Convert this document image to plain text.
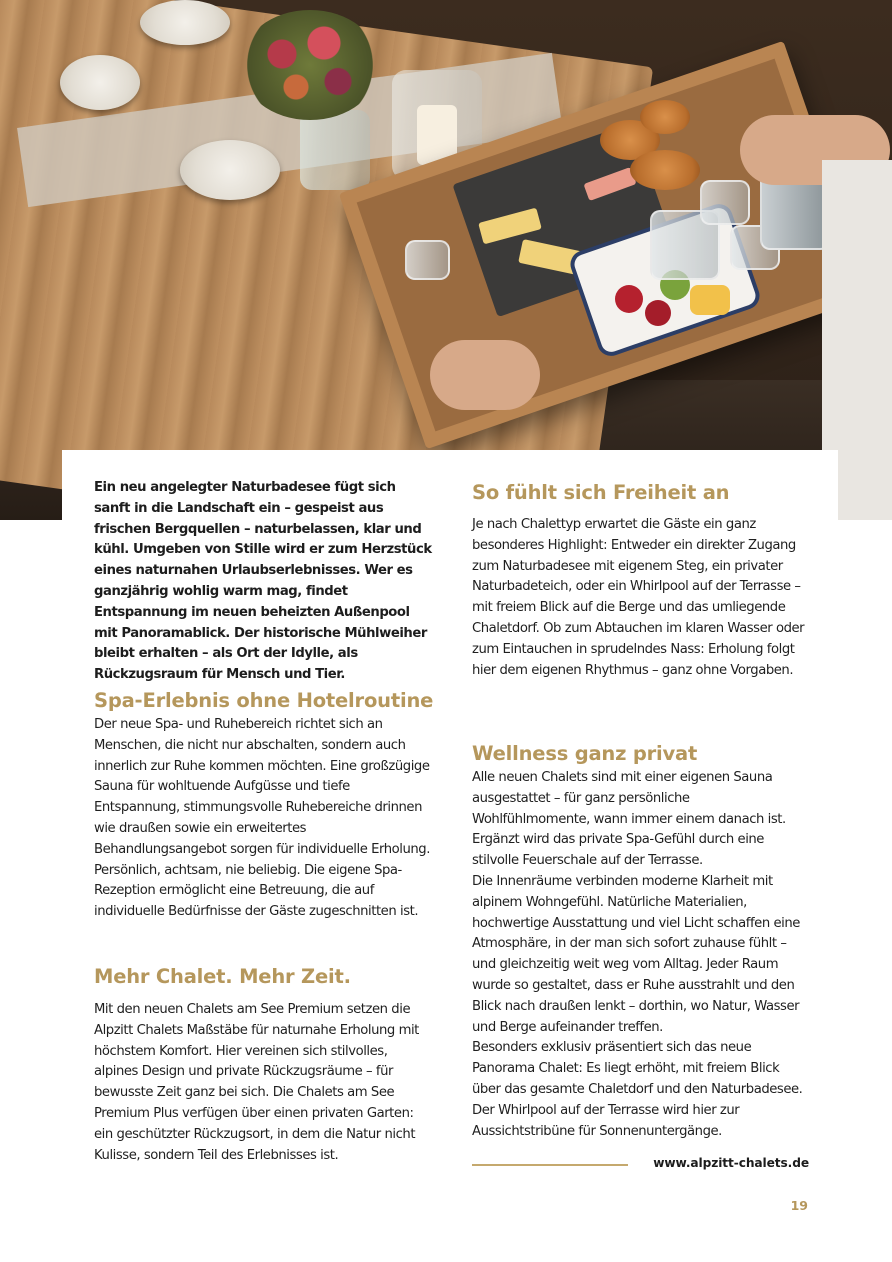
Ein neu angelegter Naturbadesee fügt sich sanft in die Landschaft ein – gespeist aus frischen Bergquellen – naturbelassen, klar und kühl. Umgeben von Stille wird er zum Herzstück eines naturnahen Urlaubserlebnisses. Wer es ganzjährig wohlig warm mag, findet Entspannung im neuen beheizten Außenpool mit Panoramablick. Der historische Mühlweiher bleibt erhalten – als Ort der Idylle, als Rückzugsraum für Mensch und Tier.

Spa-Erlebnis ohne Hotelroutine

Der neue Spa- und Ruhebereich richtet sich an Menschen, die nicht nur abschalten, sondern auch innerlich zur Ruhe kommen möchten. Eine großzügige Sauna für wohltuende Aufgüsse und tiefe Entspannung, stimmungsvolle Ruhebereiche drinnen wie draußen sowie ein erweitertes Behandlungsangebot sorgen für individuelle Erholung. Persönlich, achtsam, nie beliebig. Die eigene Spa-Rezeption ermöglicht eine Betreuung, die auf individuelle Bedürfnisse der Gäste zugeschnitten ist.

Mehr Chalet. Mehr Zeit.

Mit den neuen Chalets am See Premium setzen die Alpzitt Chalets Maßstäbe für naturnahe Erholung mit höchstem Komfort. Hier vereinen sich stilvolles, alpines Design und private Rückzugsräume – für bewusste Zeit ganz bei sich. Die Chalets am See Premium Plus verfügen über einen privaten Garten: ein geschützter Rückzugsort, in dem die Natur nicht Kulisse, sondern Teil des Erlebnisses ist.

So fühlt sich Freiheit an

Je nach Chalettyp erwartet die Gäste ein ganz besonderes Highlight: Entweder ein direkter Zugang zum Naturbadesee mit eigenem Steg, ein privater Naturbadeteich, oder ein Whirlpool auf der Terrasse – mit freiem Blick auf die Berge und das umliegende Chaletdorf. Ob zum Abtauchen im klaren Wasser oder zum Eintauchen in sprudelndes Nass: Erholung folgt hier dem eigenen Rhythmus – ganz ohne Vorgaben.

Wellness ganz privat

Alle neuen Chalets sind mit einer eigenen Sauna ausgestattet – für ganz persönliche Wohlfühlmomente, wann immer einem danach ist. Ergänzt wird das private Spa-Gefühl durch eine stilvolle Feuerschale auf der Terrasse.

Die Innenräume verbinden moderne Klarheit mit alpinem Wohngefühl. Natürliche Materialien, hochwertige Ausstattung und viel Licht schaffen eine Atmosphäre, in der man sich sofort zuhause fühlt – und gleichzeitig weit weg vom Alltag. Jeder Raum wurde so gestaltet, dass er Ruhe ausstrahlt und den Blick nach draußen lenkt – dorthin, wo Natur, Wasser und Berge aufeinander treffen.

Besonders exklusiv präsentiert sich das neue Panorama Chalet: Es liegt erhöht, mit freiem Blick über das gesamte Chaletdorf und den Naturbadesee. Der Whirlpool auf der Terrasse wird hier zur Aussichtstribüne für Sonnenuntergänge.

www.alpzitt-chalets.de
19
